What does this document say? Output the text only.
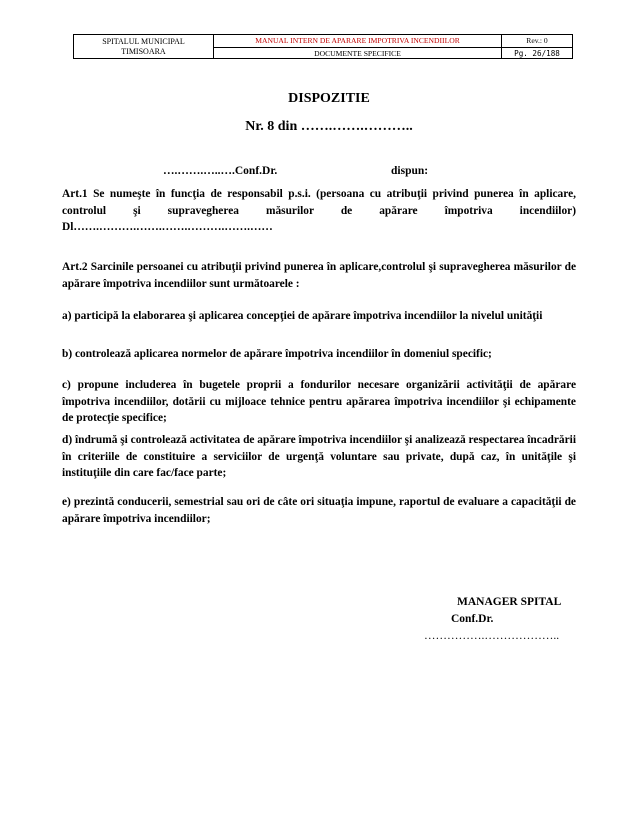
SPITALUL MUNICIPAL
TIMISOARA
MANUAL INTERN DE APARARE IMPOTRIVA INCENDIILOR
DOCUMENTE SPECIFICE
Rev.: 0
Pg. 26/188
DISPOZITIE
Nr. 8 din …….…….………..
….…….…..….Conf.Dr.	dispun:

Art.1 Se numeşte în funcţia de responsabil p.s.i. (persoana cu atribuţii privind punerea în aplicare, controlul şi supravegherea măsurilor de apărare împotriva incendiilor) Dl…….……….…….…….……….…….……

Art.2 Sarcinile persoanei cu atribuţii privind punerea în aplicare,controlul şi supravegherea măsurilor de apărare împotriva incendiilor sunt următoarele :

a) participă la elaborarea şi aplicarea concepţiei de apărare împotriva incendiilor la nivelul unităţii

b) controlează aplicarea normelor de apărare împotriva incendiilor în domeniul specific;

c) propune includerea în bugetele proprii a fondurilor necesare organizării activităţii de apărare împotriva incendiilor, dotării cu mijloace tehnice pentru apărarea împotriva incendiilor şi echipamente de protecţie specifice;

d) îndrumă şi controlează activitatea de apărare împotriva incendiilor şi analizează respectarea încadrării în criteriile de constituire a serviciilor de urgenţă voluntare sau private, după caz, în unităţile şi instituţiile din care fac/face parte;

e) prezintă conducerii, semestrial sau ori de câte ori situaţia impune, raportul de evaluare a capacităţii de apărare împotriva incendiilor;

MANAGER SPITAL
Conf.Dr.
…………….………………..
